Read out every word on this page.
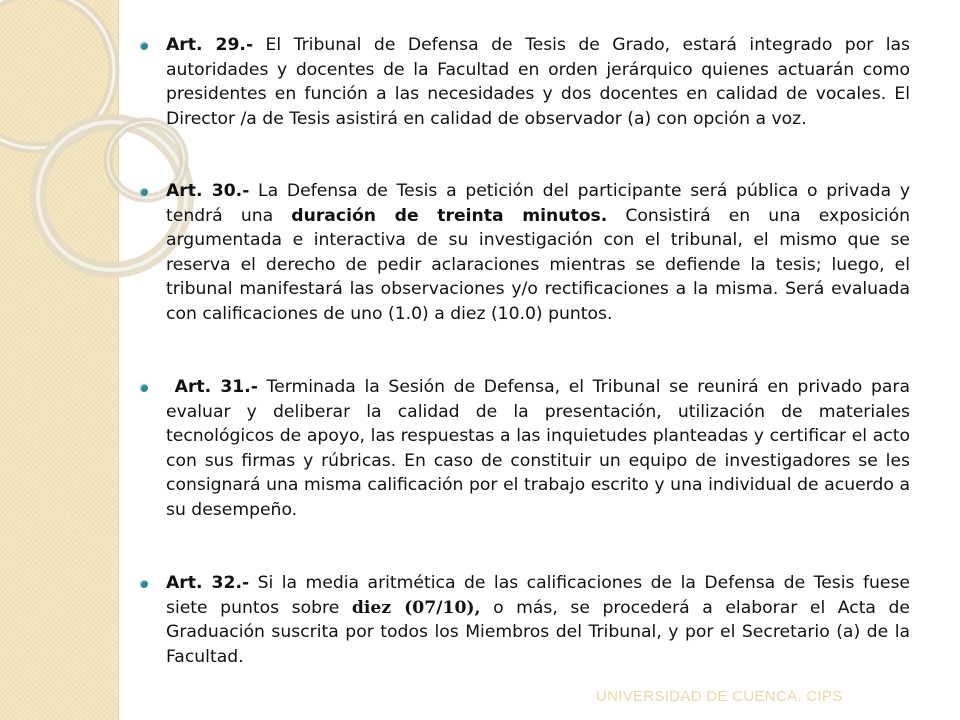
Art. 29.- El Tribunal de Defensa de Tesis de Grado, estará integrado por las autoridades y docentes de la Facultad en orden jerárquico quienes actuarán como presidentes en función a las necesidades y dos docentes en calidad de vocales. El Director /a de Tesis asistirá en calidad de observador (a) con opción a voz.

Art. 30.- La Defensa de Tesis a petición del participante será pública o privada y tendrá una duración de treinta minutos. Consistirá en una exposición argumentada e interactiva de su investigación con el tribunal, el mismo que se reserva el derecho de pedir aclaraciones mientras se defiende la tesis; luego, el tribunal manifestará las observaciones y/o rectificaciones a la misma. Será evaluada con calificaciones de uno (1.0) a diez (10.0) puntos.

Art. 31.- Terminada la Sesión de Defensa, el Tribunal se reunirá en privado para evaluar y deliberar la calidad de la presentación, utilización de materiales tecnológicos de apoyo, las respuestas a las inquietudes planteadas y certificar el acto con sus firmas y rúbricas. En caso de constituir un equipo de investigadores se les consignará una misma calificación por el trabajo escrito y una individual de acuerdo a su desempeño.

Art. 32.- Si la media aritmética de las calificaciones de la Defensa de Tesis fuese siete puntos sobre diez (07/10), o más, se procederá a elaborar el Acta de Graduación suscrita por todos los Miembros del Tribunal, y por el Secretario (a) de la Facultad.

UNIVERSIDAD DE CUENCA. CIPS
